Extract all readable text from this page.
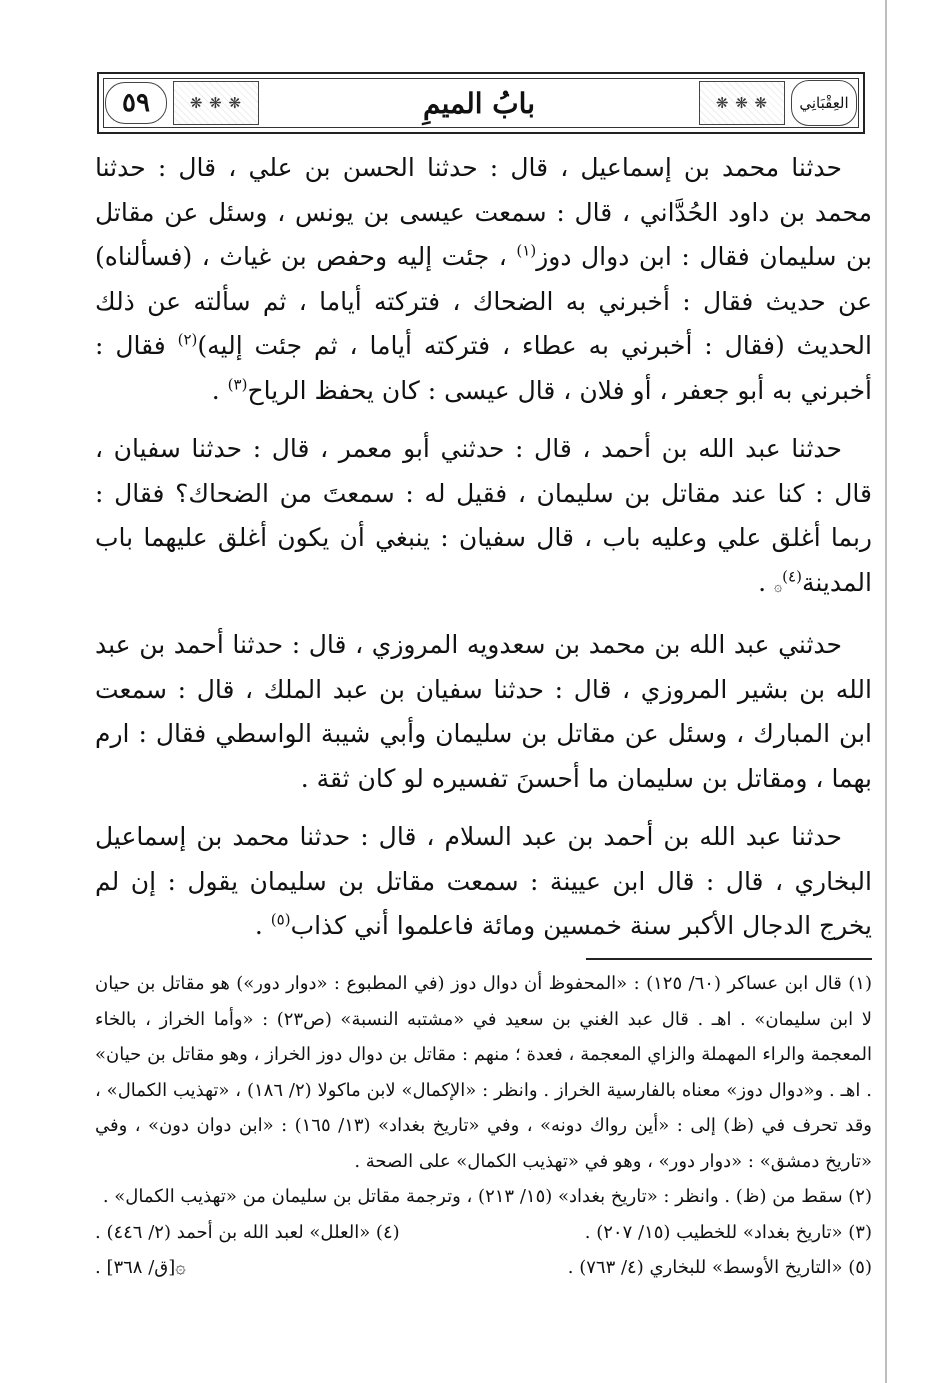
العِقْبَانِي
❋ ❋ ❋
بابُ الميمِ
❋ ❋ ❋
٥٩

حدثنا محمد بن إسماعيل ، قال : حدثنا الحسن بن علي ، قال : حدثنا محمد بن داود الحُدَّاني ، قال : سمعت عيسى بن يونس ، وسئل عن مقاتل بن سليمان فقال : ابن دوال دوز$^{(١)}$ ، جئت إليه وحفص بن غياث ، (فسألناه) عن حديث فقال : أخبرني به الضحاك ، فتركته أياما ، ثم سألته عن ذلك الحديث (فقال : أخبرني به عطاء ، فتركته أياما ، ثم جئت إليه)$^{(٢)}$ فقال : أخبرني به أبو جعفر ، أو فلان ، قال عيسى : كان يحفظ الرياح$^{(٣)}$ .

حدثنا عبد الله بن أحمد ، قال : حدثني أبو معمر ، قال : حدثنا سفيان ، قال : كنا عند مقاتل بن سليمان ، فقيل له : سمعتَ من الضحاك؟ فقال : ربما أغلق علي وعليه باب ، قال سفيان : ينبغي أن يكون أغلق عليهما باب المدينة$^{(٤)}$۞ .

حدثني عبد الله بن محمد بن سعدويه المروزي ، قال : حدثنا أحمد بن عبد الله بن بشير المروزي ، قال : حدثنا سفيان بن عبد الملك ، قال : سمعت ابن المبارك ، وسئل عن مقاتل بن سليمان وأبي شيبة الواسطي فقال : ارم بهما ، ومقاتل بن سليمان ما أحسنَ تفسيره لو كان ثقة .

حدثنا عبد الله بن أحمد بن عبد السلام ، قال : حدثنا محمد بن إسماعيل البخاري ، قال : قال ابن عيينة : سمعت مقاتل بن سليمان يقول : إن لم يخرج الدجال الأكبر سنة خمسين ومائة فاعلموا أني كذاب$^{(٥)}$ .

(١) قال ابن عساكر (٦٠/ ١٢٥) : «المحفوظ أن دوال دوز (في المطبوع : «دوار دور») هو مقاتل بن حيان لا ابن سليمان» . اهـ . قال عبد الغني بن سعيد في «مشتبه النسبة» (ص٢٣) : «وأما الخراز ، بالخاء المعجمة والراء المهملة والزاي المعجمة ، فعدة ؛ منهم : مقاتل بن دوال دوز الخراز ، وهو مقاتل بن حيان» . اهـ . و«دوال دوز» معناه بالفارسية الخراز . وانظر : «الإكمال» لابن ماكولا (٢/ ١٨٦) ، «تهذيب الكمال» ، وقد تحرف في (ظ) إلى : «أين رواك دونه» ، وفي «تاريخ بغداد» (١٣/ ١٦٥) : «ابن دوان دون» ، وفي «تاريخ دمشق» : «دوار دور» ، وهو في «تهذيب الكمال» على الصحة .

(٢) سقط من (ظ) . وانظر : «تاريخ بغداد» (١٥/ ٢١٣) ، وترجمة مقاتل بن سليمان من «تهذيب الكمال» .

(٣) «تاريخ بغداد» للخطيب (١٥/ ٢٠٧) .
(٤) «العلل» لعبد الله بن أحمد (٢/ ٤٤٦) .
(٥) «التاريخ الأوسط» للبخاري (٤/ ٧٦٣) .
۞[ق/ ٣٦٨] .
